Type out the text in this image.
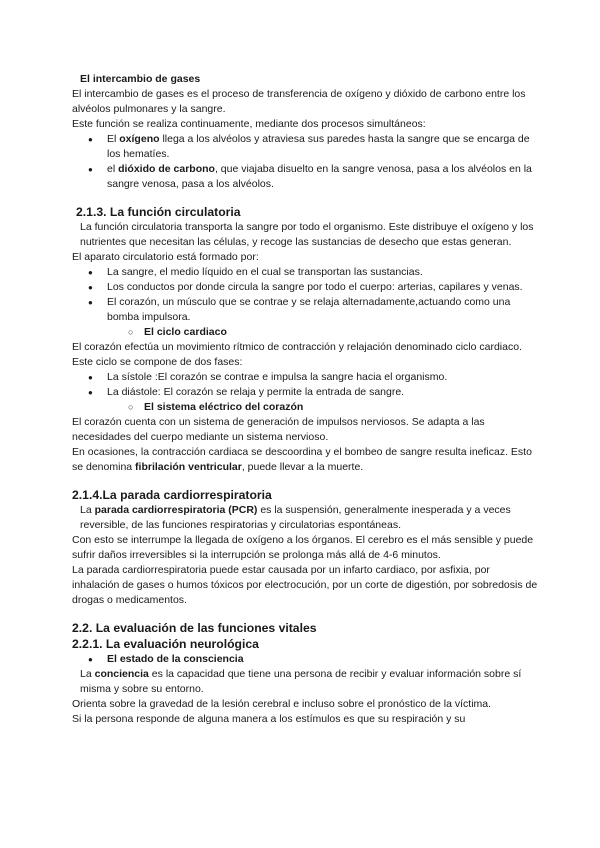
El intercambio de gases

El intercambio de gases es el proceso de transferencia de oxígeno y dióxido de carbono entre los alvéolos pulmonares y la sangre.

Este función se realiza continuamente, mediante dos procesos simultáneos:

● El oxígeno llega a los alvéolos y atraviesa sus paredes hasta la sangre que se encarga de los hematíes.
● el dióxido de carbono, que viajaba disuelto en la sangre venosa, pasa a los alvéolos en la sangre venosa, pasa a los alvéolos.

2.1.3. La función circulatoria

La función circulatoria transporta la sangre por todo el organismo. Este distribuye el oxígeno y los nutrientes que necesitan las células, y recoge las sustancias de desecho que estas generan.

El aparato circulatorio está formado por:

● La sangre, el medio líquido en el cual se transportan las sustancias.
● Los conductos por donde circula la sangre por todo el cuerpo: arterias, capilares y venas.
● El corazón, un músculo que se contrae y se relaja alternadamente,actuando como una bomba impulsora.
○ El ciclo cardiaco

El corazón efectúa un movimiento rítmico de contracción y relajación denominado ciclo cardiaco. Este ciclo se compone de dos fases:

● La sístole :El corazón se contrae e impulsa la sangre hacia el organismo.
● La diástole: El corazón se relaja y permite la entrada de sangre.
○ El sistema eléctrico del corazón

El corazón cuenta con un sistema de generación de impulsos nerviosos. Se adapta a las necesidades del cuerpo mediante un sistema nervioso.

En ocasiones, la contracción cardiaca se descoordina y el bombeo de sangre resulta ineficaz. Esto se denomina fibrilación ventricular, puede llevar a la muerte.

2.1.4.La parada cardiorrespiratoria

La parada cardiorrespiratoria (PCR) es la suspensión, generalmente inesperada y a veces reversible, de las funciones respiratorias y circulatorias espontáneas.

Con esto se interrumpe la llegada de oxígeno a los órganos. El cerebro es el más sensible y puede sufrir daños irreversibles si la interrupción se prolonga más allá de 4-6 minutos.

La parada cardiorrespiratoria puede estar causada por un infarto cardiaco, por asfixia, por inhalación de gases o humos tóxicos por electrocución, por un corte de digestión, por sobredosis de drogas o medicamentos.

2.2. La evaluación de las funciones vitales

2.2.1. La evaluación neurológica

● El estado de la consciencia

La conciencia es la capacidad que tiene una persona de recibir y evaluar información sobre sí misma y sobre su entorno.

Orienta sobre la gravedad de la lesión cerebral e incluso sobre el pronóstico de la víctima.

Si la persona responde de alguna manera a los estímulos es que su respiración y su
